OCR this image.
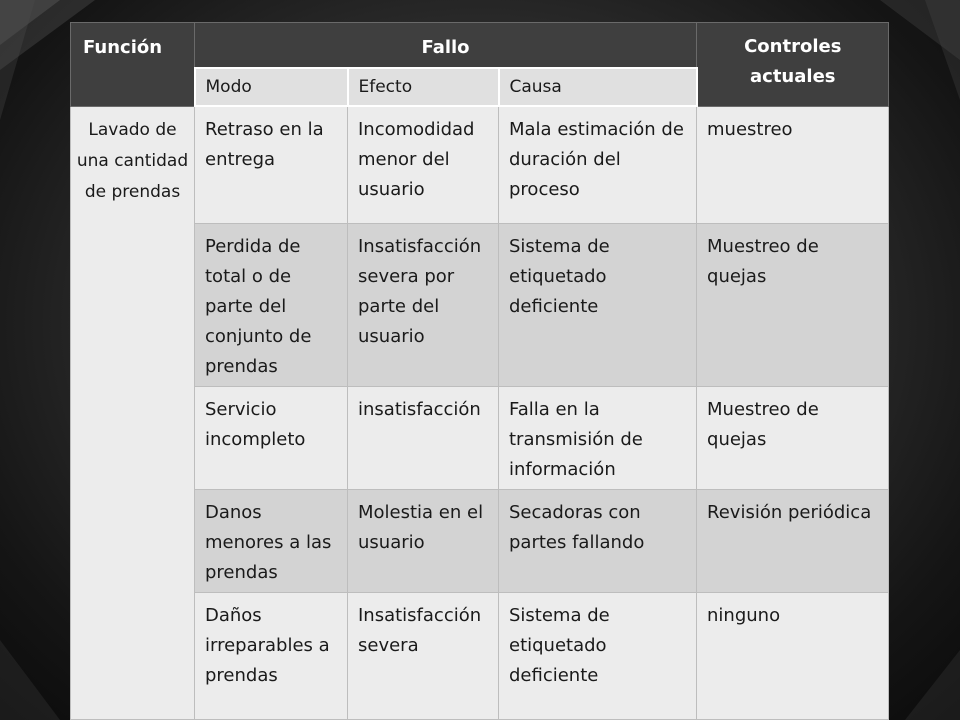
Función	Fallo			Controles actuales
	Modo	Efecto	Causa	
Lavado de una cantidad de prendas	Retraso en la entrega	Incomodidad menor del usuario	Mala estimación de duración del proceso	muestreo
	Perdida de total o de parte del conjunto de prendas	Insatisfacción severa por parte del usuario	Sistema de etiquetado deficiente	Muestreo de quejas
	Servicio incompleto	insatisfacción	Falla en la transmisión de información	Muestreo de quejas
	Danos menores a las prendas	Molestia en el usuario	Secadoras con partes fallando	Revisión periódica
	Daños irreparables a prendas	Insatisfacción severa	Sistema de etiquetado deficiente	ninguno
